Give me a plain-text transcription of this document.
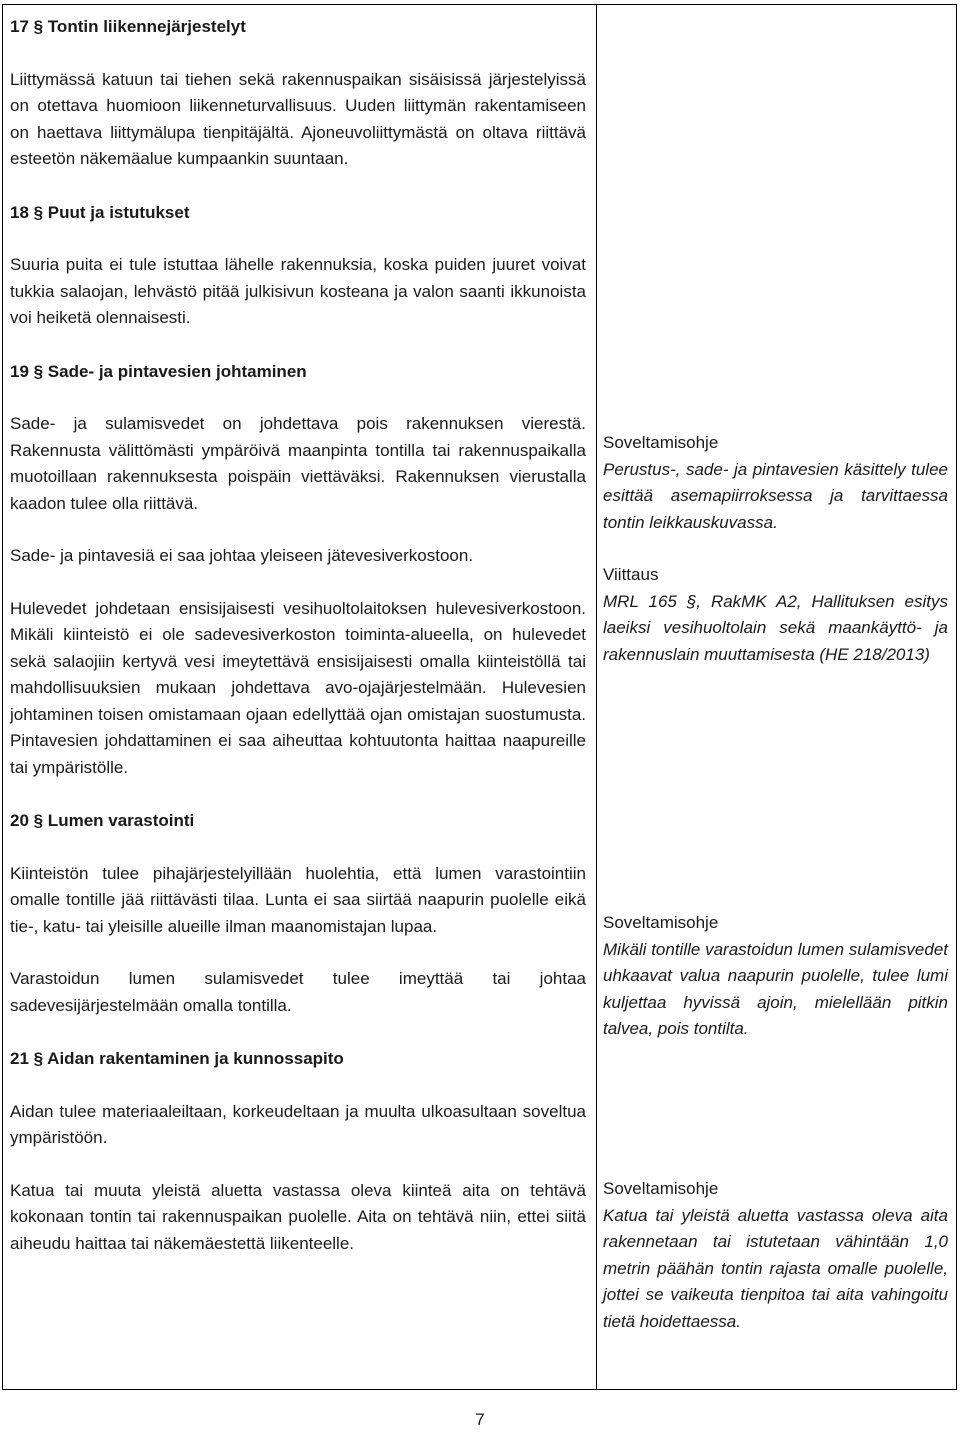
17 § Tontin liikennejärjestelyt

Liittymässä katuun tai tiehen sekä rakennuspaikan sisäisissä järjestelyissä on otettava huomioon liikenneturvallisuus. Uuden liittymän rakentamiseen on haettava liittymälupa tienpitäjältä. Ajoneuvoliittymästä on oltava riittävä esteetön näkemäalue kumpaankin suuntaan.

18 § Puut ja istutukset

Suuria puita ei tule istuttaa lähelle rakennuksia, koska puiden juuret voivat tukkia salaojan, lehvästö pitää julkisivun kosteana ja valon saanti ikkunoista voi heiketä olennaisesti.

19 § Sade- ja pintavesien johtaminen

Sade- ja sulamisvedet on johdettava pois rakennuksen vierestä. Rakennusta välittömästi ympäröivä maanpinta tontilla tai rakennuspaikalla muotoillaan rakennuksesta poispäin viettäväksi. Rakennuksen vierustalla kaadon tulee olla riittävä.

Sade- ja pintavesiä ei saa johtaa yleiseen jätevesiverkostoon.

Hulevedet johdetaan ensisijaisesti vesihuoltolaitoksen hulevesiverkostoon. Mikäli kiinteistö ei ole sadevesiverkoston toiminta-alueella, on hulevedet sekä salaojiin kertyvä vesi imeytettävä ensisijaisesti omalla kiinteistöllä tai mahdollisuuksien mukaan johdettava avo-ojajärjestelmään. Hulevesien johtaminen toisen omistamaan ojaan edellyttää ojan omistajan suostumusta. Pintavesien johdattaminen ei saa aiheuttaa kohtuutonta haittaa naapureille tai ympäristölle.

20 § Lumen varastointi

Kiinteistön tulee pihajärjestelyillään huolehtia, että lumen varastointiin omalle tontille jää riittävästi tilaa. Lunta ei saa siirtää naapurin puolelle eikä tie-, katu- tai yleisille alueille ilman maanomistajan lupaa.

Varastoidun lumen sulamisvedet tulee imeyttää tai johtaa sadevesijärjestelmään omalla tontilla.

21 § Aidan rakentaminen ja kunnossapito

Aidan tulee materiaaleiltaan, korkeudeltaan ja muulta ulkoasultaan soveltua ympäristöön.

Katua tai muuta yleistä aluetta vastassa oleva kiinteä aita on tehtävä kokonaan tontin tai rakennuspaikan puolelle. Aita on tehtävä niin, ettei siitä aiheudu haittaa tai näkemäestettä liikenteelle.

Soveltamisohje

Perustus-, sade- ja pintavesien käsittely tulee esittää asemapiirroksessa ja tarvittaessa tontin leikkauskuvassa.

Viittaus

MRL 165 §, RakMK A2, Hallituksen esitys laeiksi vesihuoltolain sekä maankäyttö- ja rakennuslain muuttamisesta (HE 218/2013)

Soveltamisohje

Mikäli tontille varastoidun lumen sulamisvedet uhkaavat valua naapurin puolelle, tulee lumi kuljettaa hyvissä ajoin, mielellään pitkin talvea, pois tontilta.

Soveltamisohje

Katua tai yleistä aluetta vastassa oleva aita rakennetaan tai istutetaan vähintään 1,0 metrin päähän tontin rajasta omalle puolelle, jottei se vaikeuta tienpitoa tai aita vahingoitu tietä hoidettaessa.

7
